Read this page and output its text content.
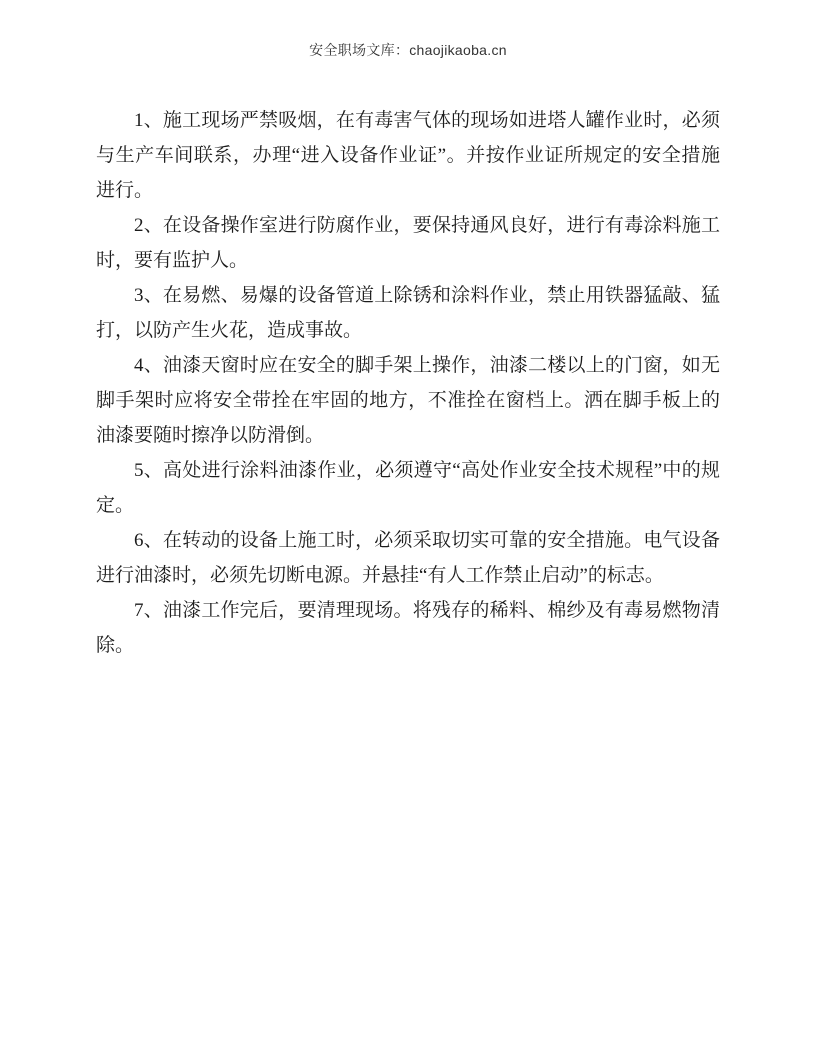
安全职场文库：chaojikaoba.cn

1、施工现场严禁吸烟，在有毒害气体的现场如进塔人罐作业时，必须与生产车间联系，办理“进入设备作业证”。并按作业证所规定的安全措施进行。

2、在设备操作室进行防腐作业，要保持通风良好，进行有毒涂料施工时，要有监护人。

3、在易燃、易爆的设备管道上除锈和涂料作业，禁止用铁器猛敲、猛打，以防产生火花，造成事故。

4、油漆天窗时应在安全的脚手架上操作，油漆二楼以上的门窗，如无脚手架时应将安全带拴在牢固的地方，不准拴在窗档上。洒在脚手板上的油漆要随时擦净以防滑倒。

5、高处进行涂料油漆作业，必须遵守“高处作业安全技术规程”中的规定。

6、在转动的设备上施工时，必须采取切实可靠的安全措施。电气设备进行油漆时，必须先切断电源。并悬挂“有人工作禁止启动”的标志。

7、油漆工作完后，要清理现场。将残存的稀料、棉纱及有毒易燃物清除。
